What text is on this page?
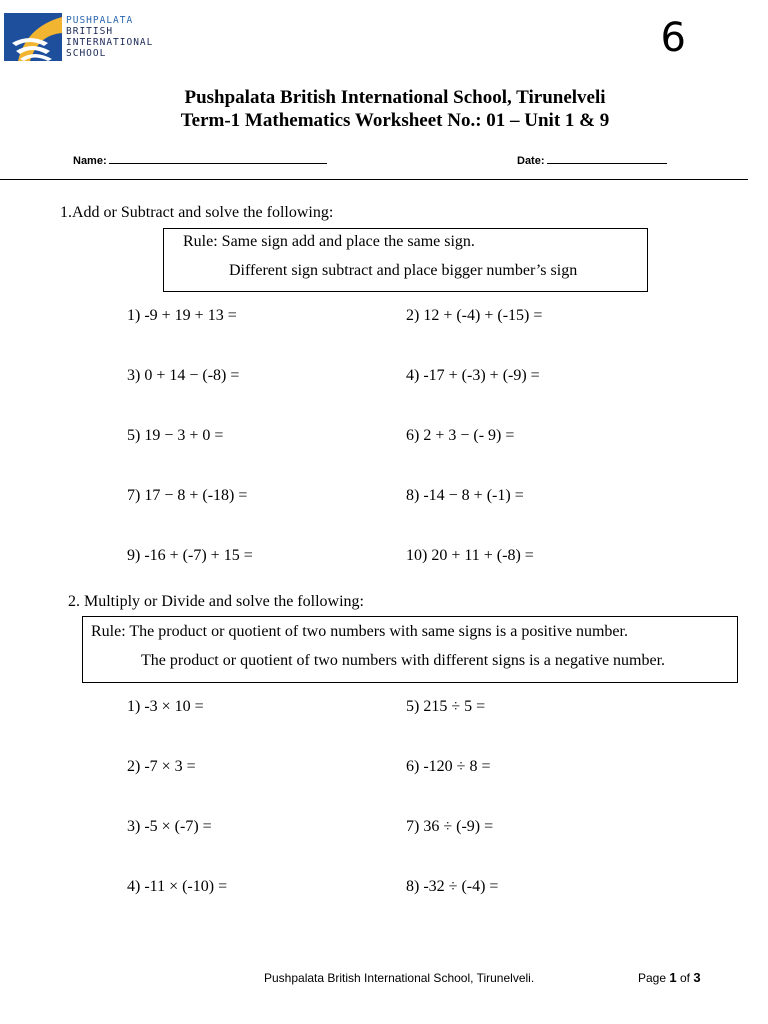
PUSHPALATA
BRITISH
INTERNATIONAL
SCHOOL	6
Pushpalata British International School, Tirunelveli
Term-1 Mathematics Worksheet No.: 01 – Unit 1 & 9
Name:	Date:
1.Add or Subtract and solve the following:
Rule: Same sign add and place the same sign.
Different sign subtract and place bigger number’s sign
1) -9 + 19 + 13 =	2) 12 + (-4) + (-15) =
3) 0 + 14 − (-8) =	4) -17 + (-3) + (-9) =
5) 19 − 3 + 0 =	6) 2 + 3 − (- 9) =
7) 17 − 8 + (-18) =	8) -14 − 8 + (-1) =
9) -16 + (-7) + 15 =	10) 20 + 11 + (-8) =
2. Multiply or Divide and solve the following:
Rule: The product or quotient of two numbers with same signs is a positive number.
The product or quotient of two numbers with different signs is a negative number.
1) -3 × 10 =	5) 215 ÷ 5 =
2) -7 × 3 =	6) -120 ÷ 8 =
3) -5 × (-7) =	7) 36 ÷ (-9) =
4) -11 × (-10) =	8) -32 ÷ (-4) =
Pushpalata British International School, Tirunelveli.	Page 1 of 3
